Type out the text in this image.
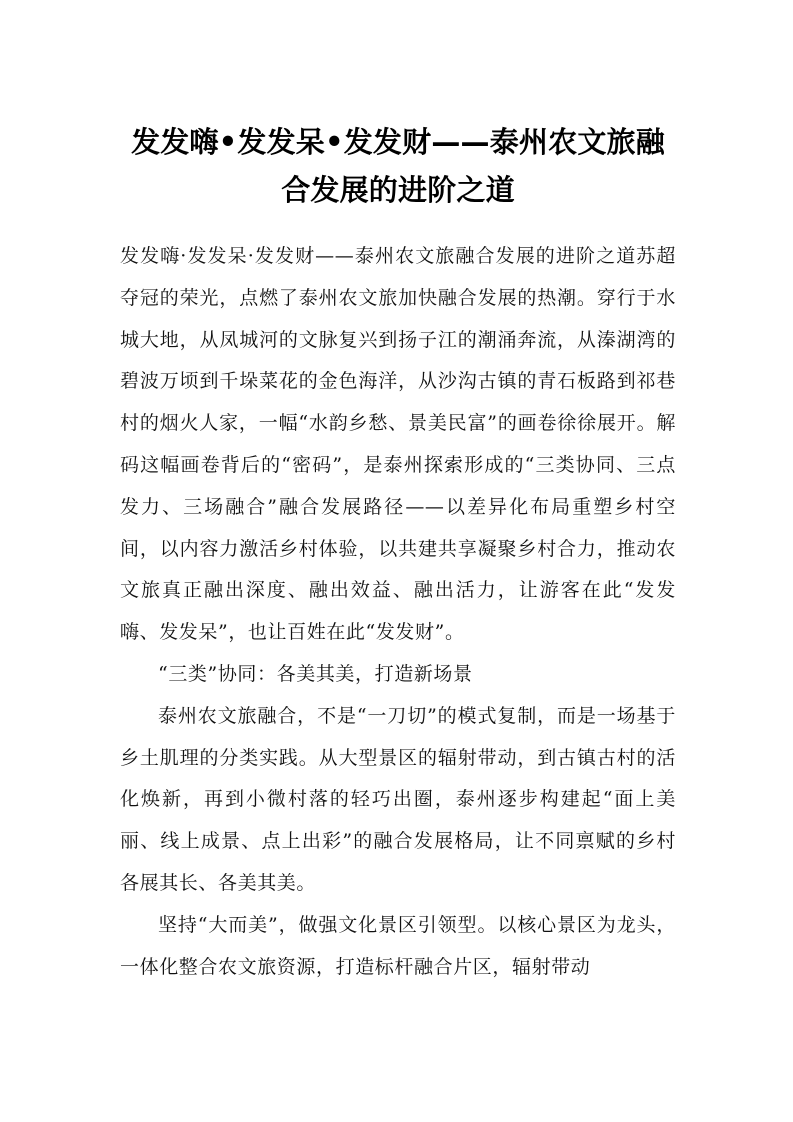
发发嗨•发发呆•发发财——泰州农文旅融
合发展的进阶之道

发发嗨·发发呆·发发财——泰州农文旅融合发展的进阶之道苏超夺冠的荣光，点燃了泰州农文旅加快融合发展的热潮。穿行于水城大地，从凤城河的文脉复兴到扬子江的潮涌奔流，从溱湖湾的碧波万顷到千垛菜花的金色海洋，从沙沟古镇的青石板路到祁巷村的烟火人家，一幅“水韵乡愁、景美民富”的画卷徐徐展开。解码这幅画卷背后的“密码”，是泰州探索形成的“三类协同、三点发力、三场融合”融合发展路径——以差异化布局重塑乡村空间，以内容力激活乡村体验，以共建共享凝聚乡村合力，推动农文旅真正融出深度、融出效益、融出活力，让游客在此“发发嗨、发发呆”，也让百姓在此“发发财”。

“三类”协同：各美其美，打造新场景

泰州农文旅融合，不是“一刀切”的模式复制，而是一场基于乡土肌理的分类实践。从大型景区的辐射带动，到古镇古村的活化焕新，再到小微村落的轻巧出圈，泰州逐步构建起“面上美丽、线上成景、点上出彩”的融合发展格局，让不同禀赋的乡村各展其长、各美其美。

坚持“大而美”，做强文化景区引领型。以核心景区为龙头，一体化整合农文旅资源，打造标杆融合片区，辐射带动
